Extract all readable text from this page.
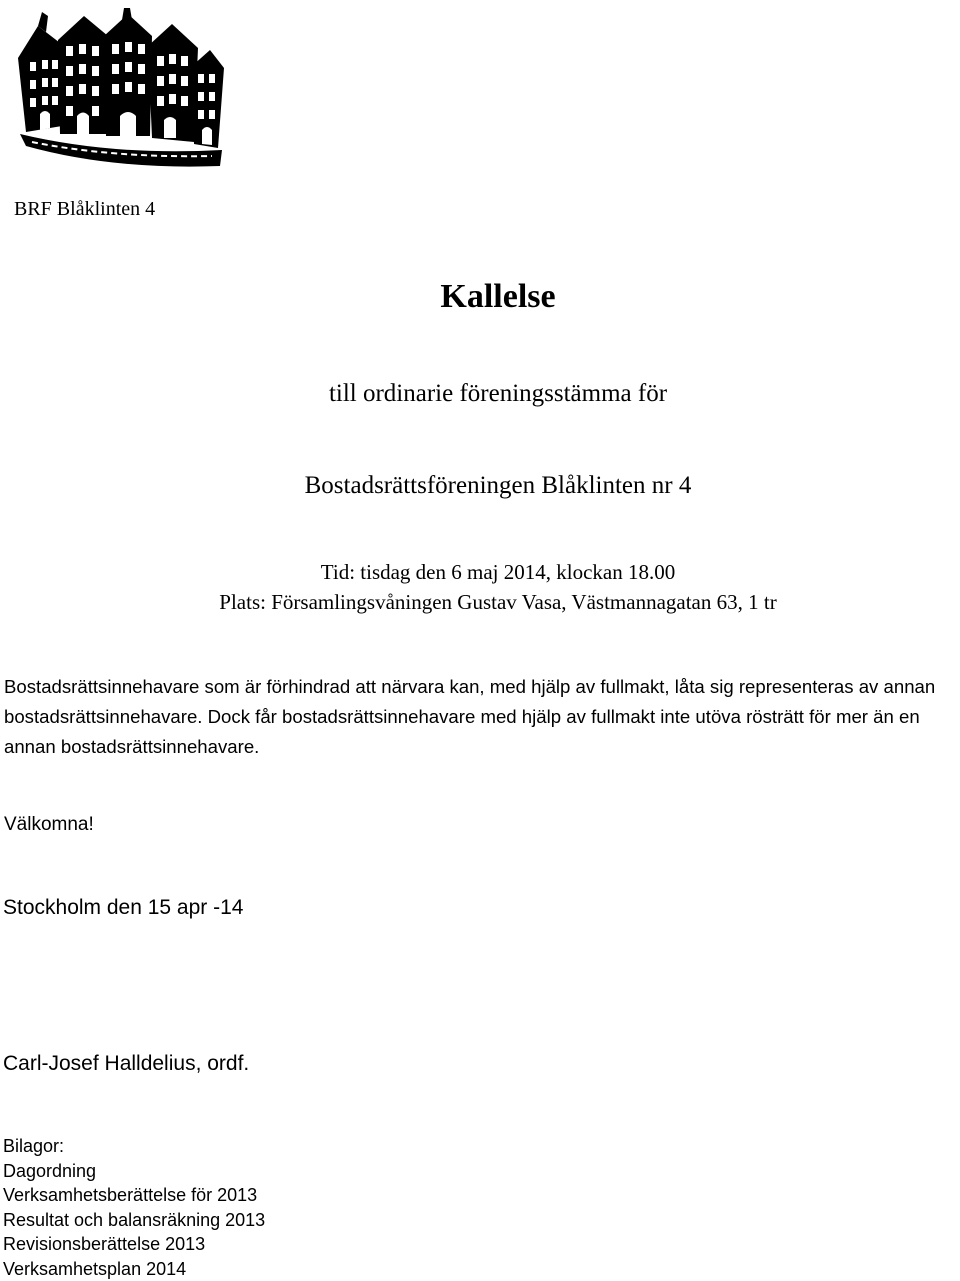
BRF Blåklinten 4

Kallelse

till ordinarie föreningsstämma för

Bostadsrättsföreningen Blåklinten nr 4

Tid: tisdag den 6 maj 2014, klockan 18.00

Plats: Församlingsvåningen Gustav Vasa, Västmannagatan 63, 1 tr

Bostadsrättsinnehavare som är förhindrad att närvara kan, med hjälp av fullmakt, låta sig representeras av annan bostadsrättsinnehavare. Dock får bostadsrättsinnehavare med hjälp av fullmakt inte utöva rösträtt för mer än en annan bostadsrättsinnehavare.

Välkomna!

Stockholm den 15 apr -14

Carl-Josef Halldelius, ordf.

Bilagor:
Dagordning
Verksamhetsberättelse för 2013
Resultat och balansräkning 2013
Revisionsberättelse 2013
Verksamhetsplan 2014
